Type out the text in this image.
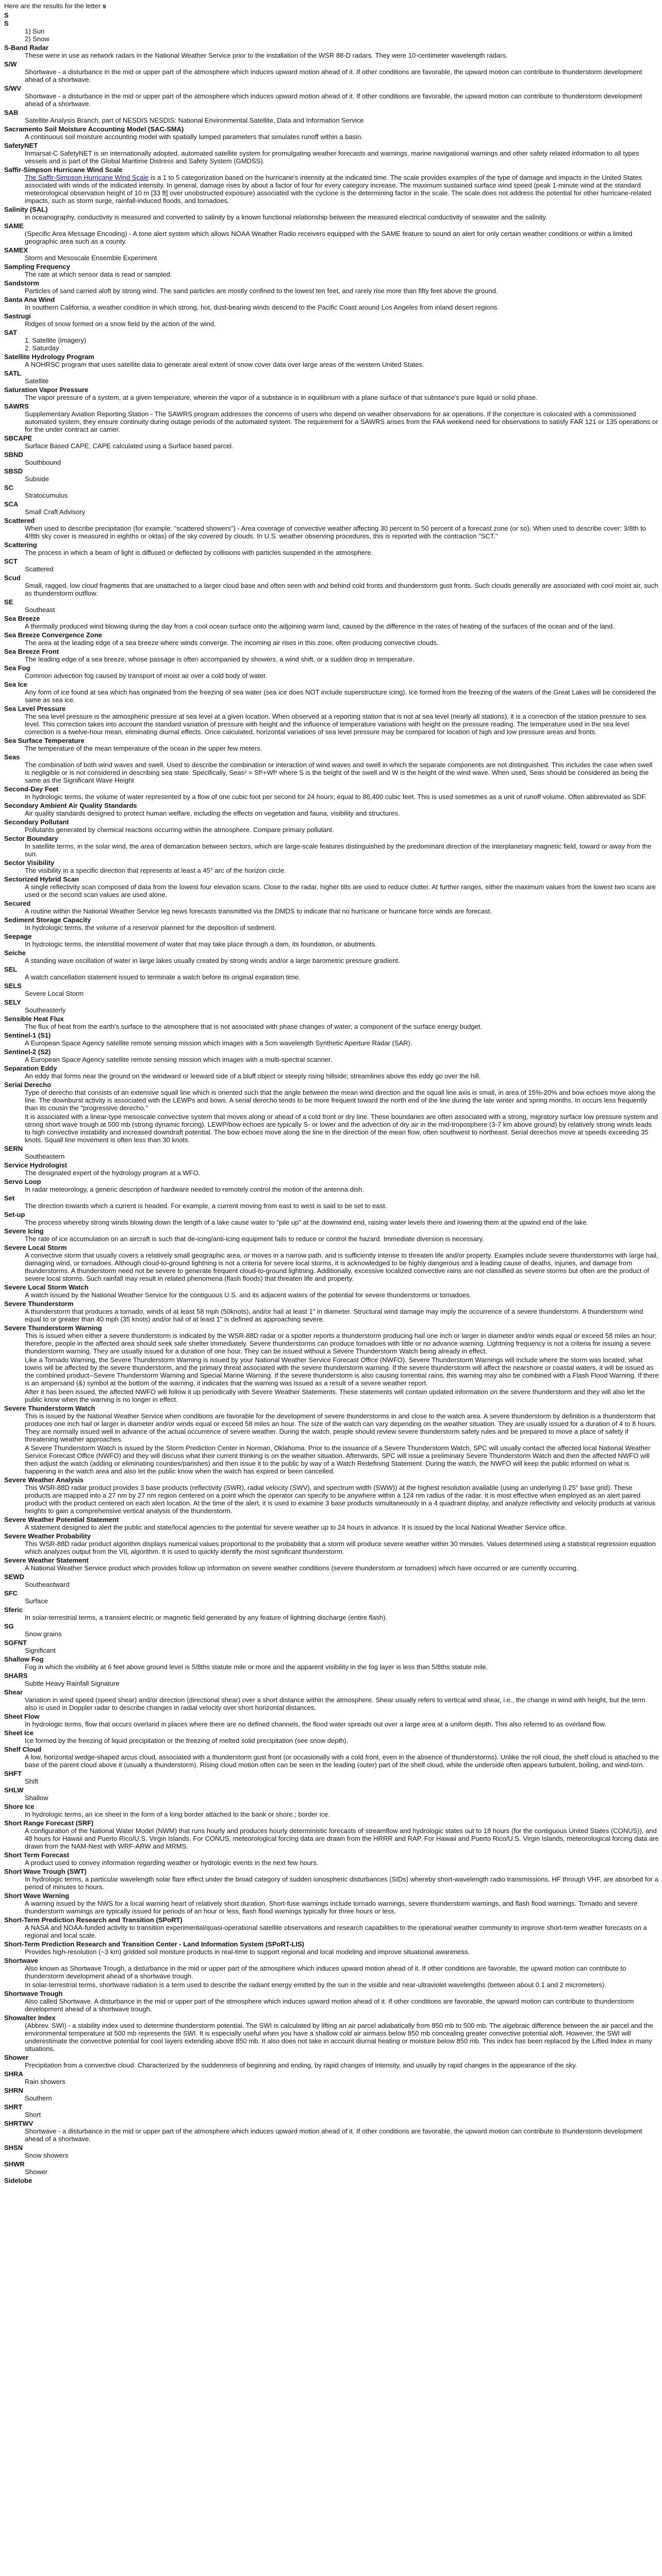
Here are the results for the letter s
S
S
1) Sun
2) Snow
S-Band Radar

These were in use as network radars in the National Weather Service prior to the installation of the WSR 88-D radars. They were 10-centimeter wavelength radars.

S/W

Shortwave - a disturbance in the mid or upper part of the atmosphere which induces upward motion ahead of it. If other conditions are favorable, the upward motion can contribute to thunderstorm development ahead of a shortwave.

S/WV

Shortwave - a disturbance in the mid or upper part of the atmosphere which induces upward motion ahead of it. If other conditions are favorable, the upward motion can contribute to thunderstorm development ahead of a shortwave.

SAB

Satellite Analysis Branch, part of NESDIS NESDIS: National Environmental Satellite, Data and Information Service

Sacramento Soil Moisture Accounting Model (SAC-SMA)

A continuous soil moisture accounting model with spatially lumped parameters that simulates runoff within a basin.

SafetyNET

Inmarsat-C SafetyNET is an internationally adopted, automated satellite system for promulgating weather forecasts and warnings, marine navigational warnings and other safety related information to all types vessels and is part of the Global Maritime Distress and Safety System (GMDSS).

Saffir-Simpson Hurricane Wind Scale

The Saffir-Simpson Hurricane Wind Scale is a 1 to 5 categorization based on the hurricane's intensity at the indicated time. The scale provides examples of the type of damage and impacts in the United States associated with winds of the indicated intensity. In general, damage rises by about a factor of four for every category increase. The maximum sustained surface wind speed (peak 1-minute wind at the standard meteorological observation height of 10 m [33 ft] over unobstructed exposure) associated with the cyclone is the determining factor in the scale. The scale does not address the potential for other hurricane-related impacts, such as storm surge, rainfall-induced floods, and tornadoes.

Salinity (SAL)

in oceanography, conductivity is measured and converted to salinity by a known functional relationship between the measured electrical conductivity of seawater and the salinity.

SAME

(Specific Area Message Encoding) - A tone alert system which allows NOAA Weather Radio receivers equipped with the SAME feature to sound an alert for only certain weather conditions or within a limited geographic area such as a county.

SAMEX

Storm and Mesoscale Ensemble Experiment

Sampling Frequency

The rate at which sensor data is read or sampled.

Sandstorm

Particles of sand carried aloft by strong wind. The sand particles are mostly confined to the lowest ten feet, and rarely rise more than fifty feet above the ground.

Santa Ana Wind

In southern California, a weather condition in which strong, hot, dust-bearing winds descend to the Pacific Coast around Los Angeles from inland desert regions.

Sastrugi

Ridges of snow formed on a snow field by the action of the wind.

SAT
1. Satellite (imagery)
2. Saturday
Satellite Hydrology Program

A NOHRSC program that uses satellite data to generate areal extent of snow cover data over large areas of the western United States.

SATL

Satellite

Saturation Vapor Pressure

The vapor pressure of a system, at a given temperature, wherein the vapor of a substance is in equilibrium with a plane surface of that substance's pure liquid or solid phase.

SAWRS

Supplementary Aviation Reporting Station - The SAWRS program addresses the concerns of users who depend on weather observations for air operations. If the conjecture is colocated with a commissioned automated system, they ensure continuity during outage periods of the automated system. The requirement for a SAWRS arises from the FAA weekend need for observations to satisfy FAR 121 or 135 operations or for the under contract air carrier.

SBCAPE

Surface Based CAPE; CAPE calculated using a Surface based parcel.

SBND

Southbound

SBSD

Subside

SC

Stratocumulus

SCA

Small Craft Advisory

Scattered

When used to describe precipitation (for example: "scattered showers") - Area coverage of convective weather affecting 30 percent to 50 percent of a forecast zone (or so). When used to describe cover: 3/8th to 4/8th sky cover is measured in eighths or oktas) of the sky covered by clouds. In U.S. weather observing procedures, this is reported with the contraction "SCT."

Scattering

The process in which a beam of light is diffused or deflected by collisions with particles suspended in the atmosphere.

SCT

Scattered

Scud

Small, ragged, low cloud fragments that are unattached to a larger cloud base and often seen with and behind cold fronts and thunderstorm gust fronts. Such clouds generally are associated with cool moist air, such as thunderstorm outflow.

SE

Southeast

Sea Breeze

A thermally produced wind blowing during the day from a cool ocean surface onto the adjoining warm land, caused by the difference in the rates of heating of the surfaces of the ocean and of the land.

Sea Breeze Convergence Zone

The area at the leading edge of a sea breeze where winds converge. The incoming air rises in this zone, often producing convective clouds.

Sea Breeze Front

The leading edge of a sea breeze, whose passage is often accompanied by showers, a wind shift, or a sudden drop in temperature.

Sea Fog

Common advection fog caused by transport of moist air over a cold body of water.

Sea Ice

Any form of ice found at sea which has originated from the freezing of sea water (sea ice does NOT include superstructure icing). Ice formed from the freezing of the waters of the Great Lakes will be considered the same as sea ice.

Sea Level Pressure

The sea level pressure is the atmospheric pressure at sea level at a given location. When observed at a reporting station that is not at sea level (nearly all stations), it is a correction of the station pressure to sea level. This correction takes into account the standard variation of pressure with height and the influence of temperature variations with height on the pressure reading. The temperature used in the sea level correction is a twelve-hour mean, eliminating diurnal effects. Once calculated, horizontal variations of sea level pressure may be compared for location of high and low pressure areas and fronts.

Sea Surface Temperature

The temperature of the mean temperature of the ocean in the upper few meters.

Seas

The combination of both wind waves and swell. Used to describe the combination or interaction of wind waves and swell in which the separate components are not distinguished. This includes the case when swell is negligible or is not considered in describing sea state. Specifically, Seas² = Sf²+Wf² where S is the height of the swell and W is the height of the wind wave. When used, Seas should be considered as being the same as the Significant Wave Height

Second-Day Feet

In hydrologic terms, the volume of water represented by a flow of one cubic foot per second for 24 hours; equal to 86,400 cubic feet. This is used sometimes as a unit of runoff volume. Often abbreviated as SDF.

Secondary Ambient Air Quality Standards

Air quality standards designed to protect human welfare, including the effects on vegetation and fauna, visibility and structures.

Secondary Pollutant

Pollutants generated by chemical reactions occurring within the atmosphere. Compare primary pollutant.

Sector Boundary

In satellite terms, in the solar wind, the area of demarcation between sectors, which are large-scale features distinguished by the predominant direction of the interplanetary magnetic field, toward or away from the sun.

Sector Visibility

The visibility in a specific direction that represents at least a 45° arc of the horizon circle.

Sectorized Hybrid Scan

A single reflectivity scan composed of data from the lowest four elevation scans. Close to the radar, higher tilts are used to reduce clutter. At further ranges, either the maximum values from the lowest two scans are used or the second scan values are used alone.

Secured

A routine within the National Weather Service leg news forecasts transmitted via the DMDS to indicate that no hurricane or hurricane force winds are forecast.

Sediment Storage Capacity

In hydrologic terms, the volume of a reservoir planned for the deposition of sediment.

Seepage

In hydrologic terms, the interstitial movement of water that may take place through a dam, its foundation, or abutments.

Seiche

A standing wave oscillation of water in large lakes usually created by strong winds and/or a large barometric pressure gradient.

SEL

A watch cancellation statement issued to terminate a watch before its original expiration time.

SELS

Severe Local Storm

SELY

Southeasterly

Sensible Heat Flux

The flux of heat from the earth's surface to the atmosphere that is not associated with phase changes of water; a component of the surface energy budget.

Sentinel-1 (S1)

A European Space Agency satellite remote sensing mission which images with a 5cm wavelength Synthetic Aperture Radar (SAR).

Sentinel-2 (S2)

A European Space Agency satellite remote sensing mission which images with a multi-spectral scanner.

Separation Eddy

An eddy that forms near the ground on the windward or leeward side of a bluff object or steeply rising hillside; streamlines above this eddy go over the hill.

Serial Derecho

Type of derecho that consists of an extensive squall line which is oriented such that the angle between the mean wind direction and the squall line axis is small, in area of 15%-20% and bow echoes move along the line. The downburst activity is associated with the LEWPs and bows. A serial derecho tends to be more frequent toward the north end of the line during the late winter and spring months. In occurs less frequently than its cousin the "progressive derecho."

It is associated with a linear-type mesoscale convective system that moves along or ahead of a cold front or dry line. These boundaries are often associated with a strong, migratory surface low pressure system and strong short wave trough at 500 mb (strong dynamic forcing). LEWP/bow echoes are typically S- or lower and the advection of dry air in the mid-troposphere (3-7 km above ground) by relatively strong winds leads to high convective instability and increased downdraft potential. The bow echoes move along the line in the direction of the mean flow, often southwest to northeast. Serial derechos move at speeds exceeding 35 knots. Squall line movement is often less than 30 knots.

SERN

Southeastern

Service Hydrologist

The designated expert of the hydrology program at a WFO.

Servo Loop

In radar meteorology, a generic description of hardware needed to remotely control the motion of the antenna dish.

Set

The direction towards which a current is headed. For example, a current moving from east to west is said to be set to east.

Set-up

The process whereby strong winds blowing down the length of a lake cause water to "pile up" at the downwind end, raising water levels there and lowering them at the upwind end of the lake.

Severe Icing

The rate of ice accumulation on an aircraft is such that de-icing/anti-icing equipment fails to reduce or control the hazard. Immediate diversion is necessary.

Severe Local Storm

A convective storm that usually covers a relatively small geographic area, or moves in a narrow path, and is sufficiently intense to threaten life and/or property. Examples include severe thunderstorms with large hail, damaging wind, or tornadoes. Although cloud-to-ground lightning is not a criteria for severe local storms, it is acknowledged to be highly dangerous and a leading cause of deaths, injuries, and damage from thunderstorms. A thunderstorm need not be severe to generate frequent cloud-to-ground lightning. Additionally, excessive localized convective rains are not classified as severe storms but often are the product of severe local storms. Such rainfall may result in related phenomena (flash floods) that threaten life and property.

Severe Local Storm Watch

A watch issued by the National Weather Service for the contiguous U.S. and its adjacent waters of the potential for severe thunderstorms or tornadoes.

Severe Thunderstorm

A thunderstorm that produces a tornado, winds of at least 58 mph (50knots), and/or hail at least 1" in diameter. Structural wind damage may imply the occurrence of a severe thunderstorm. A thunderstorm wind equal to or greater than 40 mph (35 knots) and/or hail of at least 1" is defined as approaching severe.

Severe Thunderstorm Warning

This is issued when either a severe thunderstorm is indicated by the WSR-88D radar or a spotter reports a thunderstorm producing hail one inch or larger in diameter and/or winds equal or exceed 58 miles an hour; therefore, people in the affected area should seek safe shelter immediately. Severe thunderstorms can produce tornadoes with little or no advance warning. Lightning frequency is not a criteria for issuing a severe thunderstorm warning. They are usually issued for a duration of one hour. They can be issued without a Severe Thunderstorm Watch being already in effect.

Like a Tornado Warning, the Severe Thunderstorm Warning is issued by your National Weather Service Forecast Office (NWFO). Severe Thunderstorm Warnings will include where the storm was located, what towns will be affected by the severe thunderstorm, and the primary threat associated with the severe thunderstorm warning. If the severe thunderstorm will affect the nearshore or coastal waters, it will be issued as the combined product--Severe Thunderstorm Warning and Special Marine Warning. If the severe thunderstorm is also causing torrential rains, this warning may also be combined with a Flash Flood Warning. If there is an ampersand (&) symbol at the bottom of the warning, it indicates that the warning was issued as a result of a severe weather report.

After it has been issued, the affected NWFO will follow it up periodically with Severe Weather Statements. These statements will contain updated information on the severe thunderstorm and they will also let the public know when the warning is no longer in effect.

Severe Thunderstorm Watch

This is issued by the National Weather Service when conditions are favorable for the development of severe thunderstorms in and close to the watch area. A severe thunderstorm by definition is a thunderstorm that produces one inch hail or larger in diameter and/or winds equal or exceed 58 miles an hour. The size of the watch can vary depending on the weather situation. They are usually issued for a duration of 4 to 8 hours. They are normally issued well in advance of the actual occurrence of severe weather. During the watch, people should review severe thunderstorm safety rules and be prepared to move a place of safety if threatening weather approaches.

A Severe Thunderstorm Watch is issued by the Storm Prediction Center in Norman, Oklahoma. Prior to the issuance of a Severe Thunderstorm Watch, SPC will usually contact the affected local National Weather Service Forecast Office (NWFO) and they will discuss what their current thinking is on the weather situation. Afterwards, SPC will issue a preliminary Severe Thunderstorm Watch and then the affected NWFO will then adjust the watch (adding or eliminating counties/parishes) and then issue it to the public by way of a Watch Redefining Statement. During the watch, the NWFO will keep the public informed on what is happening in the watch area and also let the public know when the watch has expired or been cancelled.

Severe Weather Analysis

This WSR-88D radar product provides 3 base products (reflectivity (SWR), radial velocity (SWV), and spectrum width (SWW)) at the highest resolution available (using an underlying 0.25° base grid). These products are mapped into a 27 nm by 27 nm region centered on a point which the operator can specify to be anywhere within a 124 nm radius of the radar. It is most effective when employed as an alert paired product with the product centered on each alert location. At the time of the alert, it is used to examine 3 base products simultaneously in a 4 quadrant display, and analyze reflectivity and velocity products at various heights to gain a comprehensive vertical analysis of the thunderstorm.

Severe Weather Potential Statement

A statement designed to alert the public and state/local agencies to the potential for severe weather up to 24 hours in advance. It is issued by the local National Weather Service office.

Severe Weather Probability

This WSR-88D radar product algorithm displays numerical values proportional to the probability that a storm will produce severe weather within 30 minutes. Values determined using a statistical regression equation which analyzes output from the VIL algorithm. It is used to quickly identify the most significant thunderstorm.

Severe Weather Statement

A National Weather Service product which provides follow up information on severe weather conditions (severe thunderstorm or tornadoes) which have occurred or are currently occurring.

SEWD

Southeastward

SFC

Surface

Sferic

In solar-terrestrial terms, a transient electric or magnetic field generated by any feature of lightning discharge (entire flash).

SG

Snow grains

SGFNT

Significant

Shallow Fog

Fog in which the visibility at 6 feet above ground level is 5/8ths statute mile or more and the apparent visibility in the fog layer is less than 5/8ths statute mile.

SHARS

Subtle Heavy Rainfall Signature

Shear

Variation in wind speed (speed shear) and/or direction (directional shear) over a short distance within the atmosphere. Shear usually refers to vertical wind shear, i.e., the change in wind with height, but the term also is used in Doppler radar to describe changes in radial velocity over short horizontal distances.

Sheet Flow

In hydrologic terms, flow that occurs overland in places where there are no defined channels, the flood water spreads out over a large area at a uniform depth. This also referred to as overland flow.

Sheet Ice

Ice formed by the freezing of liquid precipitation or the freezing of melted solid precipitation (see snow depth).

Shelf Cloud

A low, horizontal wedge-shaped arcus cloud, associated with a thunderstorm gust front (or occasionally with a cold front, even in the absence of thunderstorms). Unlike the roll cloud, the shelf cloud is attached to the base of the parent cloud above it (usually a thunderstorm). Rising cloud motion often can be seen in the leading (outer) part of the shelf cloud, while the underside often appears turbulent, boiling, and wind-torn.

SHFT

Shift

SHLW

Shallow

Shore Ice

In hydrologic terms, an ice sheet in the form of a long border attached to the bank or shore.; border ice.

Short Range Forecast (SRF)

A configuration of the National Water Model (NWM) that runs hourly and produces hourly deterministic forecasts of streamflow and hydrologic states out to 18 hours (for the contiguous United States (CONUS)), and 48 hours for Hawaii and Puerto Rico/U.S. Virgin Islands. For CONUS, meteorological forcing data are drawn from the HRRR and RAP. For Hawaii and Puerto Rico/U.S. Virgin Islands, meteorological forcing data are drawn from the NAM-Nest with WRF-ARW and MRMS.

Short Term Forecast

A product used to convey information regarding weather or hydrologic events in the next few hours.

Short Wave Trough (SWT)

In hydrologic terms, a particular wavelength solar flare effect under the broad category of sudden ionospheric disturbances (SIDs) whereby short-wavelength radio transmissions, HF through VHF, are absorbed for a period of minutes to hours.

Short Wave Warning

A warning issued by the NWS for a local warning heart of relatively short duration. Short-fuse warnings include tornado warnings, severe thunderstorm warnings, and flash flood warnings. Tornado and severe thunderstorm warnings are typically issued for periods of an hour or less, flash flood warnings typically for three hours or less.

Short-Term Prediction Research and Transition (SPoRT)

A NASA and NOAA-funded activity to transition experimental/quasi-operational satellite observations and research capabilities to the operational weather community to improve short-term weather forecasts on a regional and local scale.

Short-Term Prediction Research and Transition Center - Land Information System (SPoRT-LIS)

Provides high-resolution (~3 km) gridded soil moisture products in real-time to support regional and local modeling and improve situational awareness.

Shortwave

Also known as Shortwave Trough, a disturbance in the mid or upper part of the atmosphere which induces upward motion ahead of it. If other conditions are favorable, the upward motion can contribute to thunderstorm development ahead of a shortwave trough.

In solar-terrestrial terms, shortwave radiation is a term used to describe the radiant energy emitted by the sun in the visible and near-ultraviolet wavelengths (between about 0.1 and 2 micrometers).

Shortwave Trough

Also called Shortwave. A disturbance in the mid or upper part of the atmosphere which induces upward motion ahead of it. If other conditions are favorable, the upward motion can contribute to thunderstorm development ahead of a shortwave trough.

Showalter Index

(Abbrev. SWI) - a stability index used to determine thunderstorm potential. The SWI is calculated by lifting an air parcel adiabatically from 850 mb to 500 mb. The algebraic difference between the air parcel and the environmental temperature at 500 mb represents the SWI. It is especially useful when you have a shallow cold air airmass below 850 mb concealing greater convective potential aloft. However, the SWI will underestimate the convective potential for cool layers extending above 850 mb. It also does not take in account diurnal heating or moisture below 850 mb. This index has been replaced by the Lifted Index in many situations.

Shower

Precipitation from a convective cloud. Characterized by the suddenness of beginning and ending, by rapid changes of intensity, and usually by rapid changes in the appearance of the sky.

SHRA

Rain showers

SHRN

Southern

SHRT

Short

SHRTWV

Shortwave - a disturbance in the mid or upper part of the atmosphere which induces upward motion ahead of it. If other conditions are favorable, the upward motion can contribute to thunderstorm development ahead of a shortwave.

SHSN

Snow showers

SHWR

Shower

Sidelobe
